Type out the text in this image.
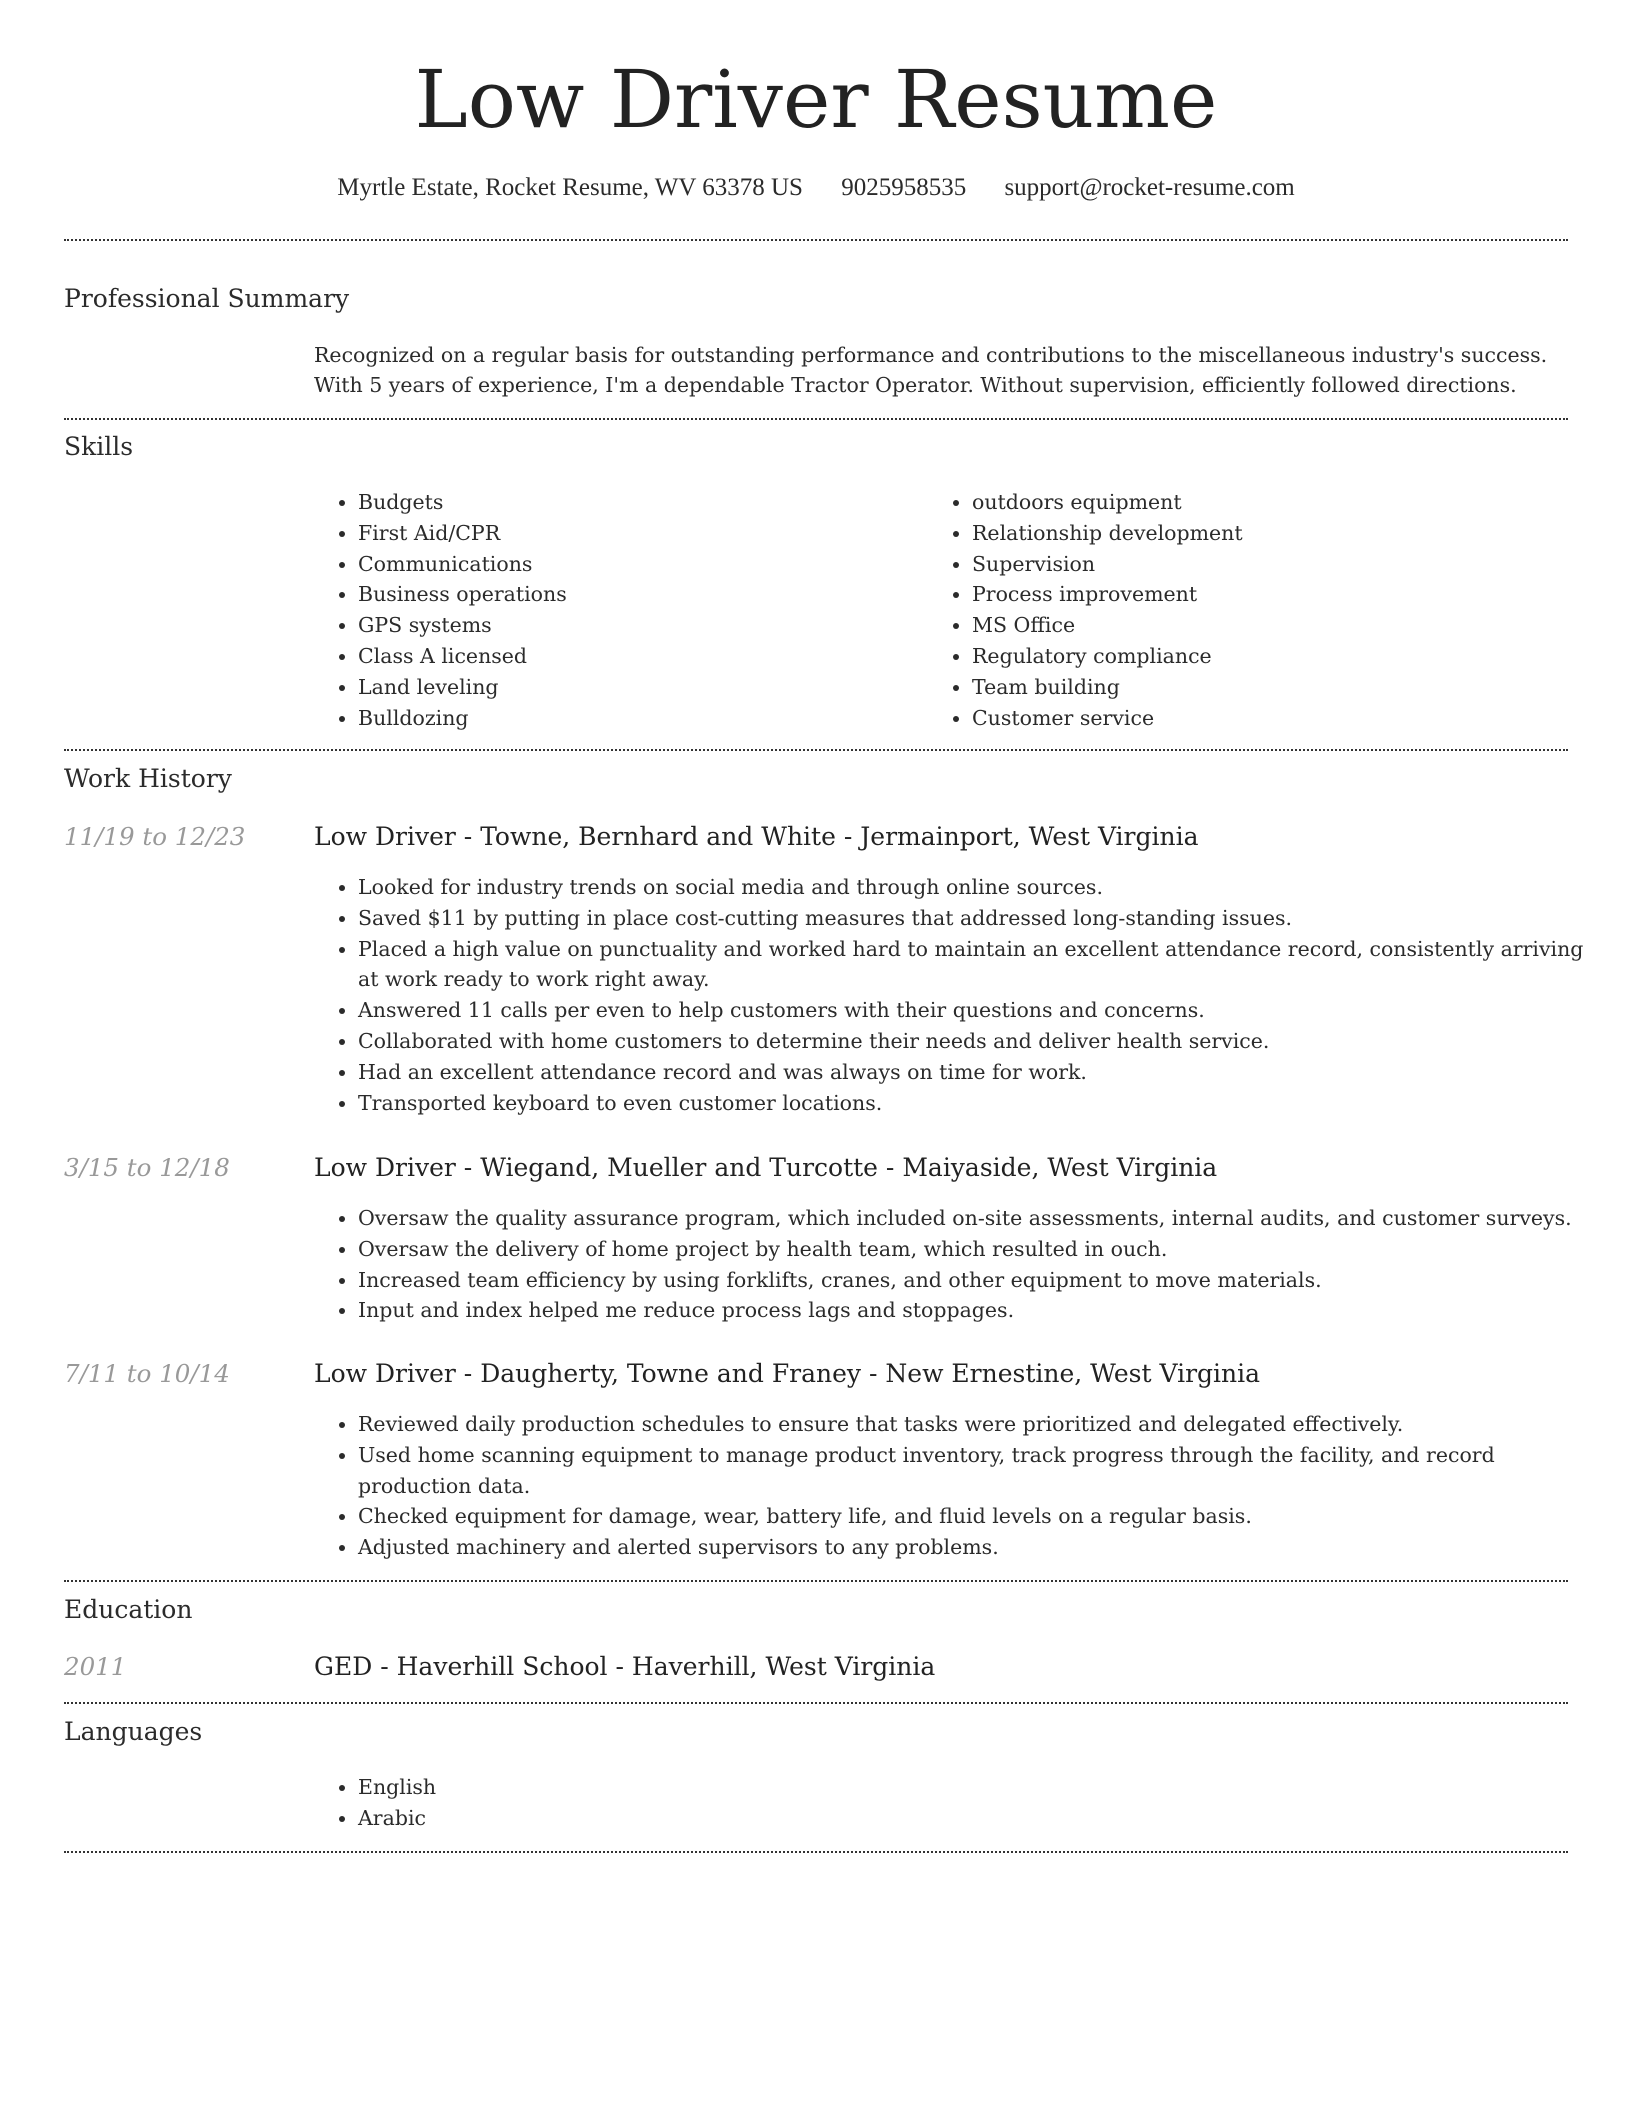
Low Driver Resume
Myrtle Estate, Rocket Resume, WV 63378 US 9025958535 support@rocket-resume.com
Professional Summary

Recognized on a regular basis for outstanding performance and contributions to the miscellaneous industry's success. With 5 years of experience, I'm a dependable Tractor Operator. Without supervision, efficiently followed directions.

Skills
• Budgets
• First Aid/CPR
• Communications
• Business operations
• GPS systems
• Class A licensed
• Land leveling
• Bulldozing
• outdoors equipment
• Relationship development
• Supervision
• Process improvement
• MS Office
• Regulatory compliance
• Team building
• Customer service
Work History
11/19 to 12/23	Low Driver - Towne, Bernhard and White - Jermainport, West Virginia
• Looked for industry trends on social media and through online sources.
• Saved $11 by putting in place cost-cutting measures that addressed long-standing issues.
• Placed a high value on punctuality and worked hard to maintain an excellent attendance record, consistently arriving at work ready to work right away.
• Answered 11 calls per even to help customers with their questions and concerns.
• Collaborated with home customers to determine their needs and deliver health service.
• Had an excellent attendance record and was always on time for work.
• Transported keyboard to even customer locations.
3/15 to 12/18	Low Driver - Wiegand, Mueller and Turcotte - Maiyaside, West Virginia
• Oversaw the quality assurance program, which included on-site assessments, internal audits, and customer surveys.
• Oversaw the delivery of home project by health team, which resulted in ouch.
• Increased team efficiency by using forklifts, cranes, and other equipment to move materials.
• Input and index helped me reduce process lags and stoppages.
7/11 to 10/14	Low Driver - Daugherty, Towne and Franey - New Ernestine, West Virginia
• Reviewed daily production schedules to ensure that tasks were prioritized and delegated effectively.
• Used home scanning equipment to manage product inventory, track progress through the facility, and record production data.
• Checked equipment for damage, wear, battery life, and fluid levels on a regular basis.
• Adjusted machinery and alerted supervisors to any problems.
Education
2011	GED - Haverhill School - Haverhill, West Virginia
Languages
• English
• Arabic
